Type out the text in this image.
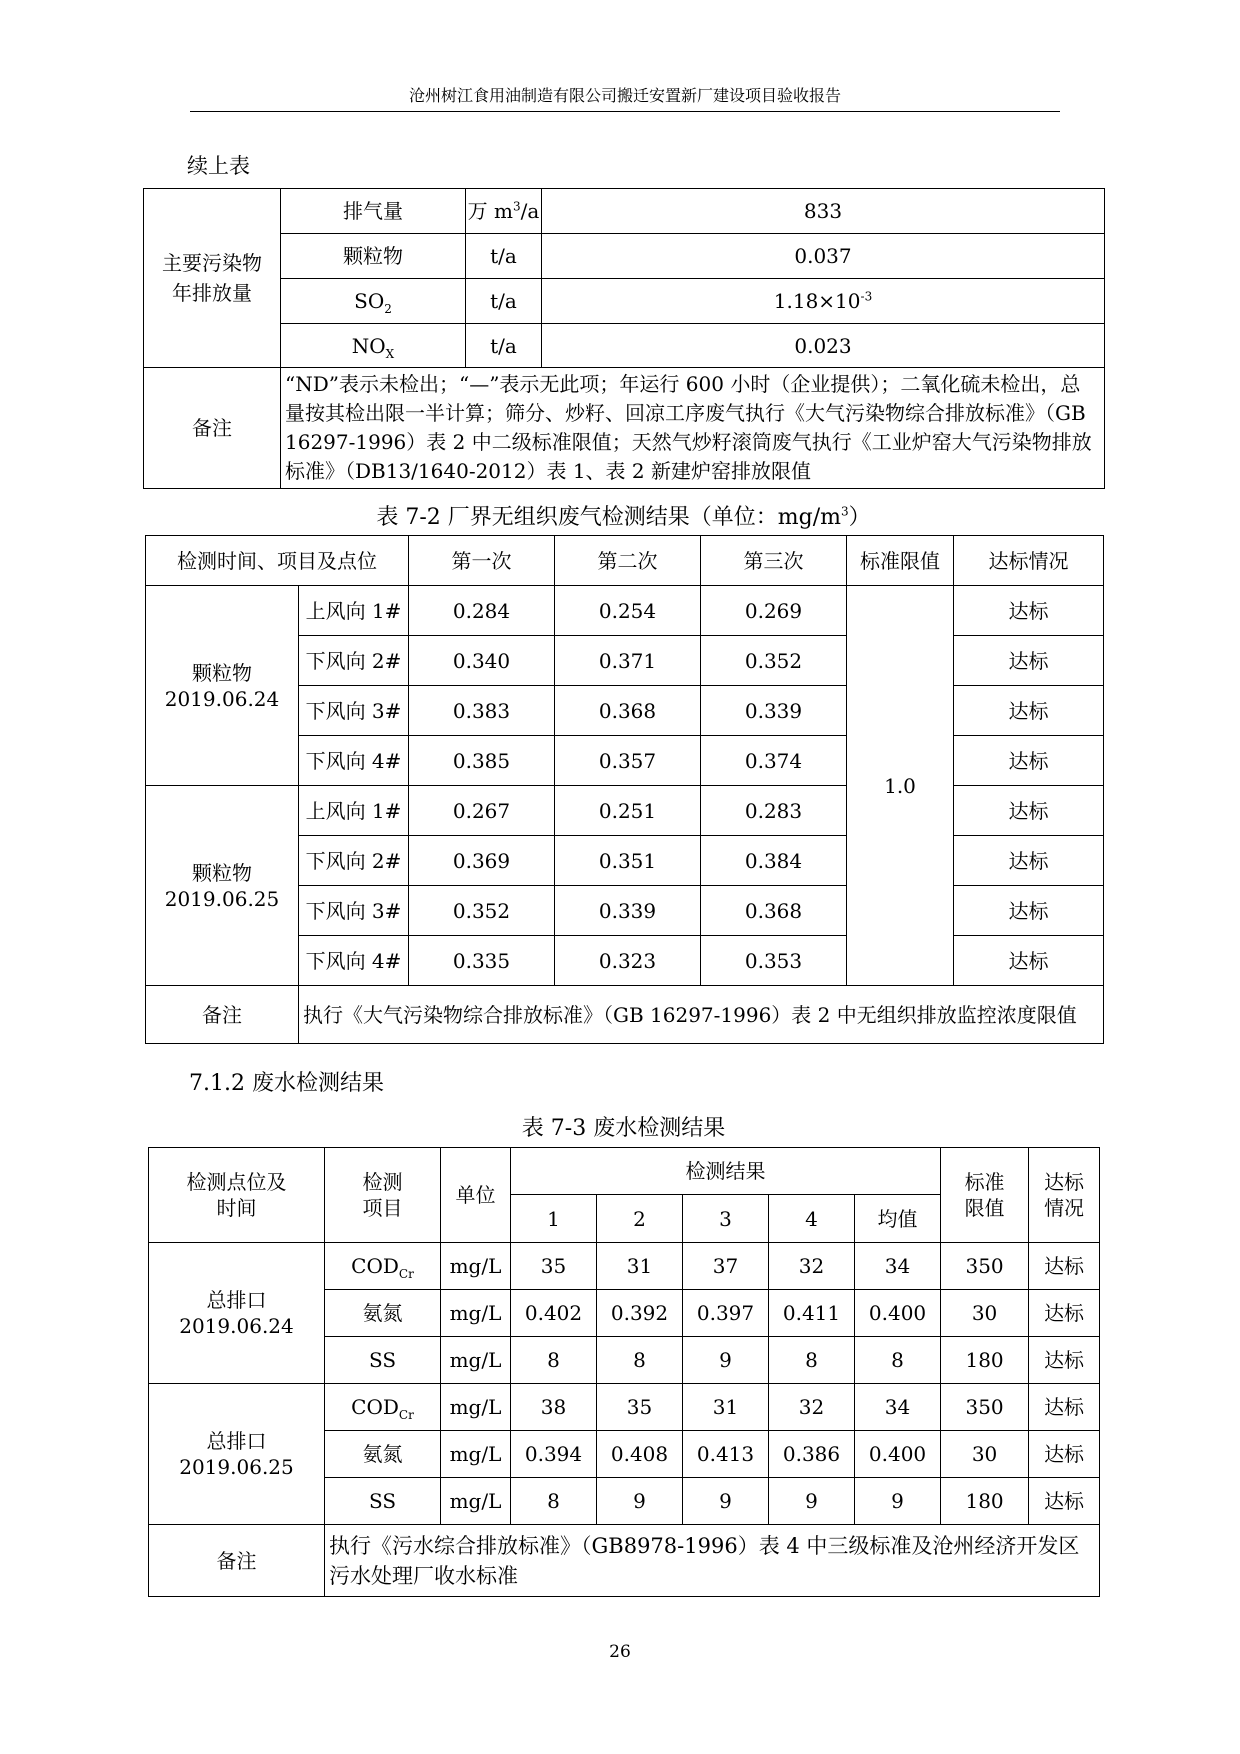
沧州树江食用油制造有限公司搬迁安置新厂建设项目验收报告
续上表
主要污染物年排放量	排气量	万 $m^3/a$	833
	颗粒物	t/a	0.037
	$SO_2$	t/a	$1.18\times 10^{-3}$
	$NO_X$	t/a	0.023
备注	“ND”表示未检出；“—”表示无此项；年运行 600 小时（企业提供）；二氧化硫未检出，总量按其检出限一半计算；筛分、炒籽、回凉工序废气执行《大气污染物综合排放标准》（GB 16297-1996）表 2 中二级标准限值；天然气炒籽滚筒废气执行《工业炉窑大气污染物排放标准》（DB13/1640-2012）表 1、表 2 新建炉窑排放限值		
表 7-2 厂界无组织废气检测结果（单位：$mg/m^3$）
检测时间、项目及点位		第一次	第二次	第三次	标准限值	达标情况

颗粒物
2019.06.24	上风向 1#	0.284	0.254	0.269	1.0	达标
	下风向 2#	0.340	0.371	0.352		达标
	下风向 3#	0.383	0.368	0.339		达标
	下风向 4#	0.385	0.357	0.374		达标

颗粒物
2019.06.25	上风向 1#	0.267	0.251	0.283		达标
	下风向 2#	0.369	0.351	0.384		达标
	下风向 3#	0.352	0.339	0.368		达标
	下风向 4#	0.335	0.323	0.353		达标
备注	执行《大气污染物综合排放标准》（GB 16297-1996）表 2 中无组织排放监控浓度限值					
7.1.2 废水检测结果
表 7-3 废水检测结果
检测点位及时间	检测项目	单位	检测结果					标准限值	达标情况

			1	2	3	4	均值		

总排口
2019.06.24	$COD_{Cr}$	mg/L	35	31	37	32	34	350	达标
	氨氮	mg/L	0.402	0.392	0.397	0.411	0.400	30	达标
	SS	mg/L	8	8	9	8	8	180	达标

总排口
2019.06.25	$COD_{Cr}$	mg/L	38	35	31	32	34	350	达标
	氨氮	mg/L	0.394	0.408	0.413	0.386	0.400	30	达标
	SS	mg/L	8	9	9	9	9	180	达标
备注	执行《污水综合排放标准》（GB8978-1996）表 4 中三级标准及沧州经济开发区污水处理厂收水标准								
26
